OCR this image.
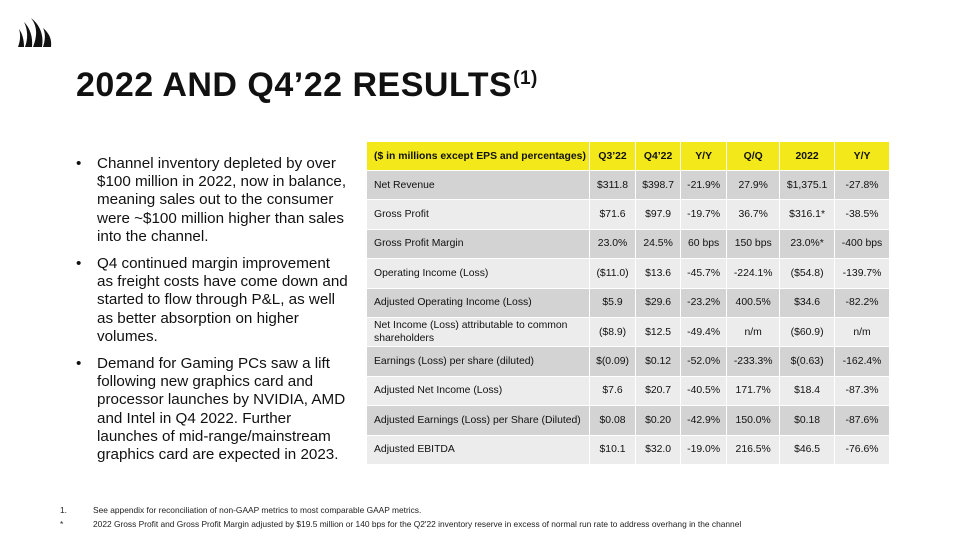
2022 AND Q4’22 RESULTS$^{(1)}$
• Channel inventory depleted by over $100 million in 2022, now in balance, meaning sales out to the consumer were ~$100 million higher than sales into the channel.
• Q4 continued margin improvement as freight costs have come down and started to flow through P&L, as well as better absorption on higher volumes.
• Demand for Gaming PCs saw a lift following new graphics card and processor launches by NVIDIA, AMD and Intel in Q4 2022. Further launches of mid-range/mainstream graphics card are expected in 2023.
($ in millions except EPS and percentages)	Q3’22	Q4’22	Y/Y	Q/Q	2022	Y/Y
Net Revenue	$311.8	$398.7	-21.9%	27.9%	$1,375.1	-27.8%
Gross Profit	$71.6	$97.9	-19.7%	36.7%	$316.1*	-38.5%
Gross Profit Margin	23.0%	24.5%	60 bps	150 bps	23.0%*	-400 bps
Operating Income (Loss)	($11.0)	$13.6	-45.7%	-224.1%	($54.8)	-139.7%
Adjusted Operating Income (Loss)	$5.9	$29.6	-23.2%	400.5%	$34.6	-82.2%
Net Income (Loss) attributable to common shareholders	($8.9)	$12.5	-49.4%	n/m	($60.9)	n/m
Earnings (Loss) per share (diluted)	$(0.09)	$0.12	-52.0%	-233.3%	$(0.63)	-162.4%
Adjusted Net Income (Loss)	$7.6	$20.7	-40.5%	171.7%	$18.4	-87.3%
Adjusted Earnings (Loss) per Share (Diluted)	$0.08	$0.20	-42.9%	150.0%	$0.18	-87.6%
Adjusted EBITDA	$10.1	$32.0	-19.0%	216.5%	$46.5	-76.6%
1.	See appendix for reconciliation of non-GAAP metrics to most comparable GAAP metrics.
*	2022 Gross Profit and Gross Profit Margin adjusted by $19.5 million or 140 bps for the Q2'22 inventory reserve in excess of normal run rate to address overhang in the channel
